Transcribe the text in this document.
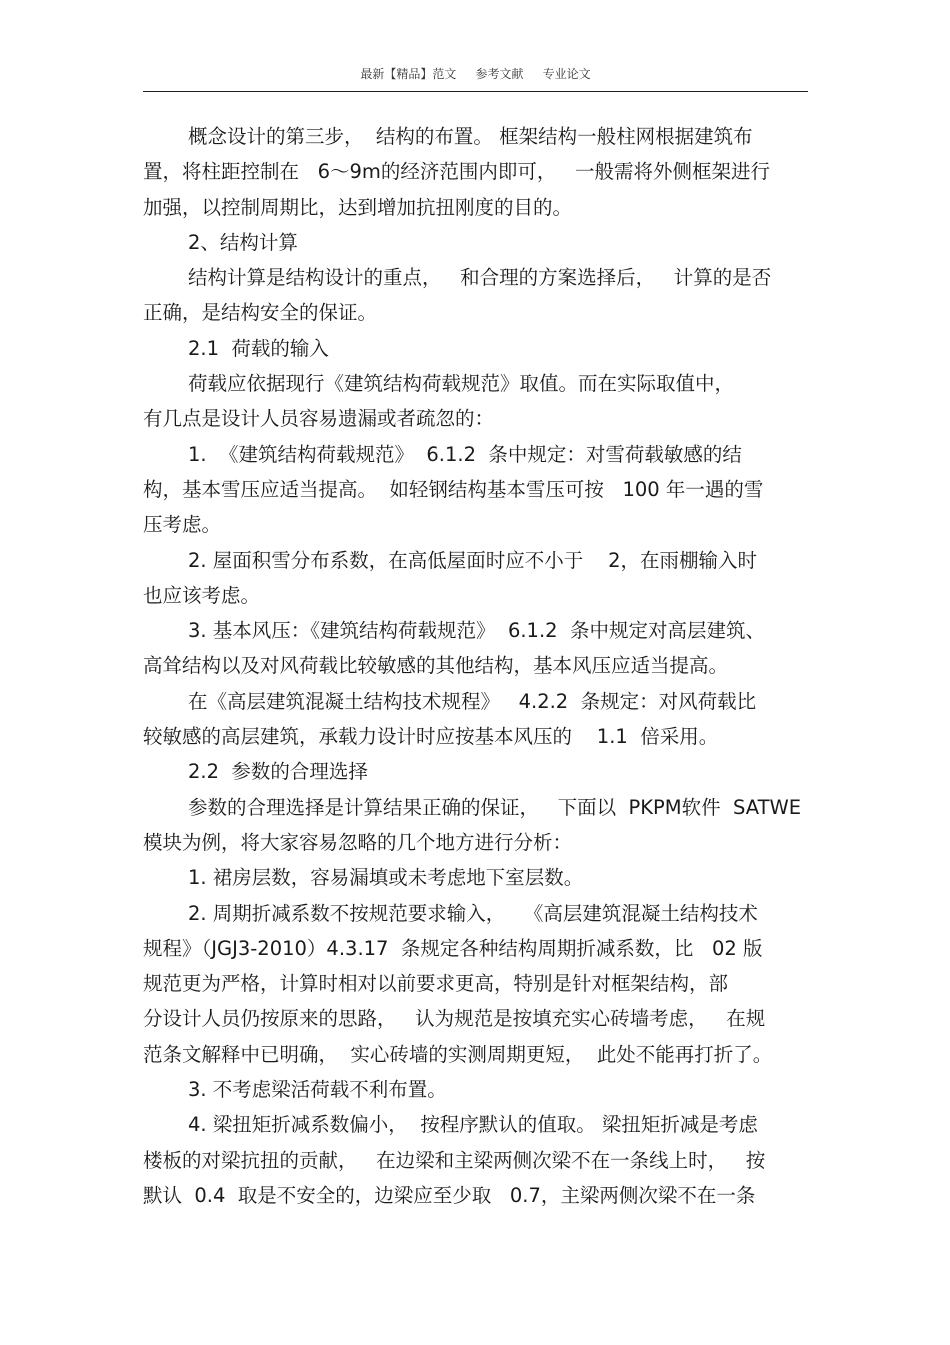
最新【精品】范文     参考文献     专业论文
概念设计的第三步，  结构的布置。 框架结构一般柱网根据建筑布
置，将柱距控制在   6～9m的经济范围内即可，   一般需将外侧框架进行
加强，以控制周期比，达到增加抗扭刚度的目的。
2、结构计算
结构计算是结构设计的重点，   和合理的方案选择后，   计算的是否
正确，是结构安全的保证。
2.1  荷载的输入
荷载应依据现行《建筑结构荷载规范》取值。而在实际取值中，
有几点是设计人员容易遗漏或者疏忽的：
1.  《建筑结构荷载规范》  6.1.2  条中规定：对雪荷载敏感的结
构，基本雪压应适当提高。  如轻钢结构基本雪压可按   100 年一遇的雪
压考虑。
2. 屋面积雪分布系数，在高低屋面时应不小于    2，在雨棚输入时
也应该考虑。
3. 基本风压：《建筑结构荷载规范》  6.1.2  条中规定对高层建筑、
高耸结构以及对风荷载比较敏感的其他结构，基本风压应适当提高。
在《高层建筑混凝土结构技术规程》   4.2.2  条规定：对风荷载比
较敏感的高层建筑，承载力设计时应按基本风压的    1.1  倍采用。
2.2  参数的合理选择
参数的合理选择是计算结果正确的保证，   下面以  PKPM软件  SATWE
模块为例，将大家容易忽略的几个地方进行分析：
1. 裙房层数，容易漏填或未考虑地下室层数。
2. 周期折减系数不按规范要求输入，   《高层建筑混凝土结构技术
规程》（JGJ3-2010）4.3.17  条规定各种结构周期折减系数，比   02 版
规范更为严格，计算时相对以前要求更高，特别是针对框架结构，部
分设计人员仍按原来的思路，   认为规范是按填充实心砖墙考虑，   在规
范条文解释中已明确，  实心砖墙的实测周期更短，  此处不能再打折了。
3. 不考虑梁活荷载不利布置。
4. 梁扭矩折减系数偏小，  按程序默认的值取。 梁扭矩折减是考虑
楼板的对梁抗扭的贡献，   在边梁和主梁两侧次梁不在一条线上时，   按
默认  0.4  取是不安全的，边梁应至少取   0.7，主梁两侧次梁不在一条
